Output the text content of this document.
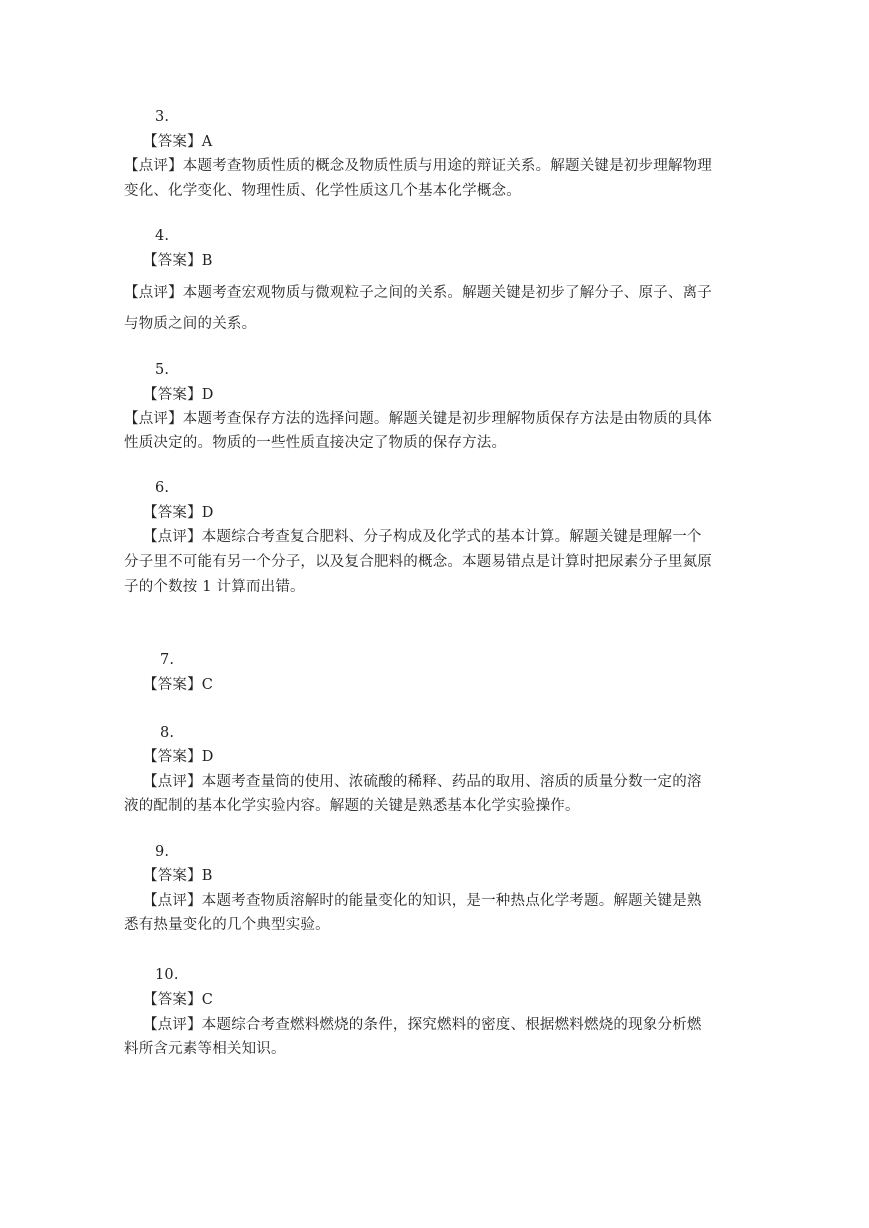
3.
【答案】A
【点评】本题考查物质性质的概念及物质性质与用途的辩证关系。解题关键是初步理解物理
变化、化学变化、物理性质、化学性质这几个基本化学概念。
4.
【答案】B
【点评】本题考查宏观物质与微观粒子之间的关系。解题关键是初步了解分子、原子、离子
与物质之间的关系。
5.
【答案】D
【点评】本题考查保存方法的选择问题。解题关键是初步理解物质保存方法是由物质的具体
性质决定的。物质的一些性质直接决定了物质的保存方法。
6.
【答案】D
【点评】本题综合考查复合肥料、分子构成及化学式的基本计算。解题关键是理解一个
分子里不可能有另一个分子，以及复合肥料的概念。本题易错点是计算时把尿素分子里氮原
子的个数按 1 计算而出错。
7.
【答案】C
8.
【答案】D
【点评】本题考查量筒的使用、浓硫酸的稀释、药品的取用、溶质的质量分数一定的溶
液的配制的基本化学实验内容。解题的关键是熟悉基本化学实验操作。
9.
【答案】B
【点评】本题考查物质溶解时的能量变化的知识，是一种热点化学考题。解题关键是熟
悉有热量变化的几个典型实验。
10.
【答案】C
【点评】本题综合考查燃料燃烧的条件，探究燃料的密度、根据燃料燃烧的现象分析燃
料所含元素等相关知识。
